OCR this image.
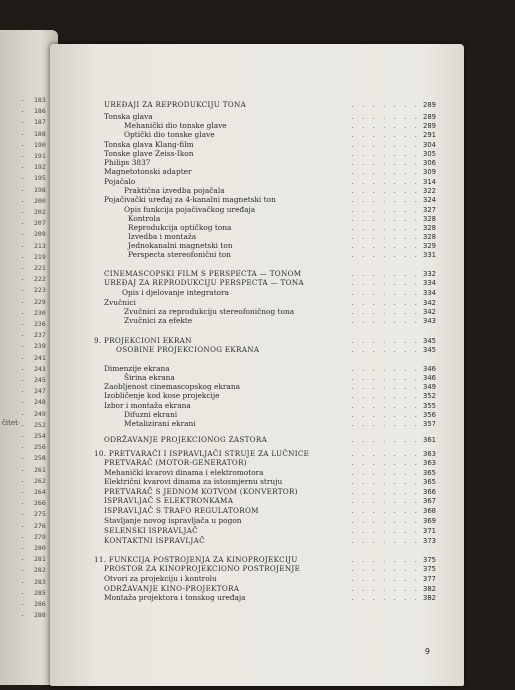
183
186
187
188
190
191
192
195
198
200
202
207
209
213
219
221
222
223
229
230
236
237
239
241
243
245
247
248
249
252
254
256
258
261
262
264
266
275
276
279
280
281
282
283
285
286
288
čitet-
UREĐAJI ZA REPRODUKCIJU TONA	. . . . . . . 289
Tonska glava	. . . . . . . 289
Mehanički dio tonske glave	. . . . . . . 289
Optički dio tonske glave	. . . . . . . 291
Tonska glava Klang-film	. . . . . . . 304
Tonske glave Zeiss-Ikon	. . . . . . . 305
Philips 3837	. . . . . . . 306
Magnetotonski adapter	. . . . . . . 309
Pojačalo	. . . . . . . 314
Praktična izvedba pojačala	. . . . . . . 322
Pojačivački uređaj za 4-kanalni magnetski ton	. . . . . . . 324
Opis funkcija pojačivačkog uređaja	. . . . . . . 327
Kontrola	. . . . . . . 328
Reprodukcija optičkog tona	. . . . . . . 328
Izvedba i montaža	. . . . . . . 328
Jednokanalni magnetski ton	. . . . . . . 329
Perspecta stereofonični ton	. . . . . . . 331
CINEMASCOPSKI FILM S PERSPECTA — TONOM	. . . . . . . 332
UREĐAJ ZA REPRODUKCIJU PERSPECTA — TONA	. . . . . . . 334
Opis i djelovanje integratora	. . . . . . . 334
Zvučnici	. . . . . . . 342
Zvučnici za reprodukciju stereofoničnog tona	. . . . . . . 342
Zvučnici za efekte	. . . . . . . 343
9. PROJEKCIONI EKRAN	. . . . . . . 345
OSOBINE PROJEKCIONOG EKRANA	. . . . . . . 345
Dimenzije ekrana	. . . . . . . 346
Širina ekrana	. . . . . . . 346
Zaobljenost cinemascopskog ekrana	. . . . . . . 349
Izobličenje kod kose projekcije	. . . . . . . 352
Izbor i montaža ekrana	. . . . . . . 355
Difuzni ekrani	. . . . . . . 356
Metalizirani ekrani	. . . . . . . 357
ODRŽAVANJE PROJEKCIONOG ZASTORA	. . . . . . . 361
10. PRETVARAČI I ISPRAVLJAČI STRUJE ZA LUČNICE	. . . . . . . 363
PRETVARAČ (MOTOR-GENERATOR)	. . . . . . . 363
Mehanički kvarovi dinama i elektromotora	. . . . . . . 365
Električni kvarovi dinama za istosmjernu struju	. . . . . . . 365
PRETVARAČ S JEDNOM KOTVOM (KONVERTOR)	. . . . . . . 366
ISPRAVLJAČ S ELEKTRONKAMA	. . . . . . . 367
ISPRAVLJAČ S TRAFO REGULATOROM	. . . . . . . 368
Stavljanje novog ispravljača u pogon	. . . . . . . 369
SELENSKI ISPRAVLJAČ	. . . . . . . 371
KONTAKTNI ISPRAVLJAČ	. . . . . . . 373
11. FUNKCIJA POSTROJENJA ZA KINOPROJEKCIJU	. . . . . . . 375
PROSTOR ZA KINOPROJEKCIONO POSTROJENJE	. . . . . . . 375
Otvori za projekciju i kontrolu	. . . . . . . 377
ODRŽAVANJE KINO-PROJEKTORA	. . . . . . . 382
Montaža projektora i tonskog uređaja	. . . . . . . 382
9
